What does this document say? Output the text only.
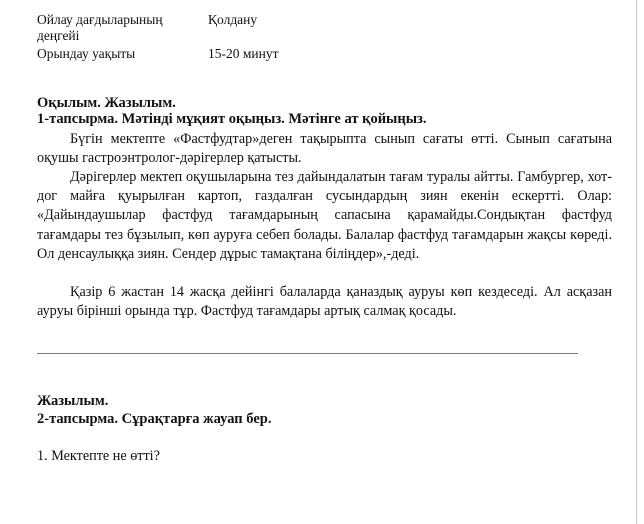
Ойлау дағдыларының деңгейі
Қолдану
Орындау уақыты	15-20 минут
Оқылым. Жазылым.
1-тапсырма. Мәтінді мұқият оқыңыз. Мәтінге ат қойыңыз.

Бүгін мектепте «Фастфудтар»деген тақырыпта сынып сағаты өтті. Сынып сағатына оқушы гастроэнтролог-дәрігерлер қатысты.

Дәрігерлер мектеп оқушыларына тез дайындалатын тағам туралы айтты. Гамбургер, хот-дог майға қуырылған картоп, газдалған сусындардың зиян екенін ескертті. Олар: «Дайындаушылар фастфуд тағамдарының сапасына қарамайды.Сондықтан фастфуд тағамдары тез бұзылып, көп ауруға себеп болады. Балалар фастфуд тағамдарын жақсы көреді. Ол денсаулыққа зиян. Сендер дұрыс тамақтана біліңдер»,-деді.

Қазір 6 жастан 14 жасқа дейінгі балаларда қаназдық ауруы көп кездеседі. Ал асқазан ауруы бірінші орында тұр. Фастфуд тағамдары артық салмақ қосады.

Жазылым.
2-тапсырма. Сұрақтарға жауап бер.
1. Мектепте не өтті?
